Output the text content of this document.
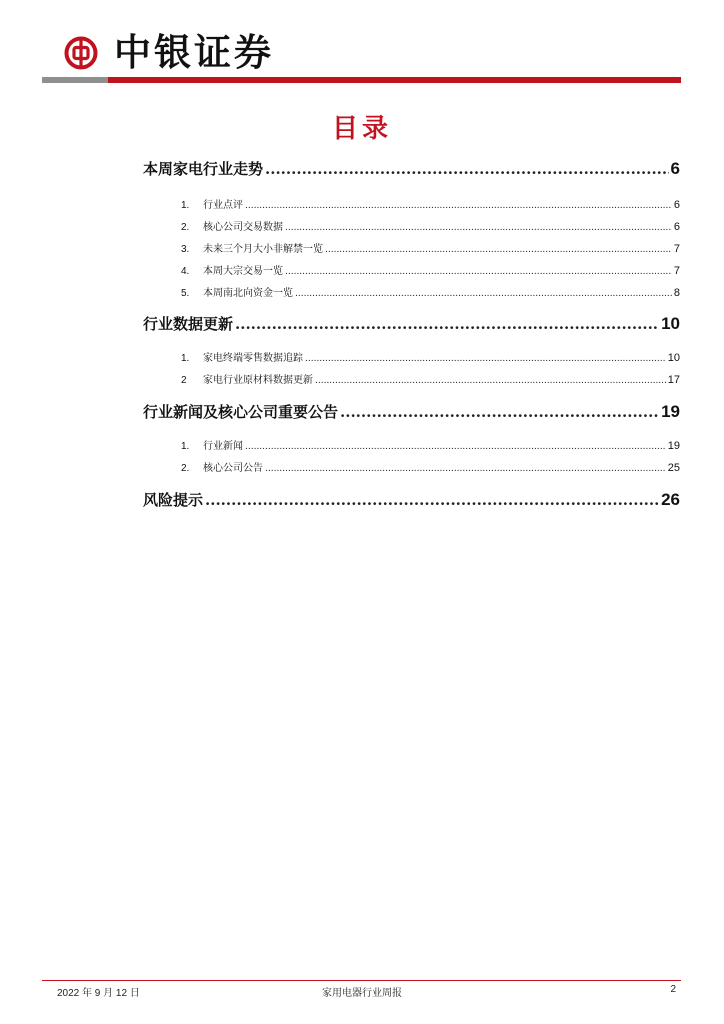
中银证券
目录
本周家电行业走势 .....	6
1. 行业点评 .....	6
2. 核心公司交易数据 .....	6
3. 未来三个月大小非解禁一览 .....	7
4. 本周大宗交易一览 .....	7
5. 本周南北向资金一览 .....	8
行业数据更新 .....	10
1. 家电终端零售数据追踪 .....	10
2 家电行业原材料数据更新 .....	17
行业新闻及核心公司重要公告 .....	19
1. 行业新闻 .....	19
2. 核心公司公告 .....	25
风险提示 .....	26
2022 年 9 月 12 日	家用电器行业周报	2
